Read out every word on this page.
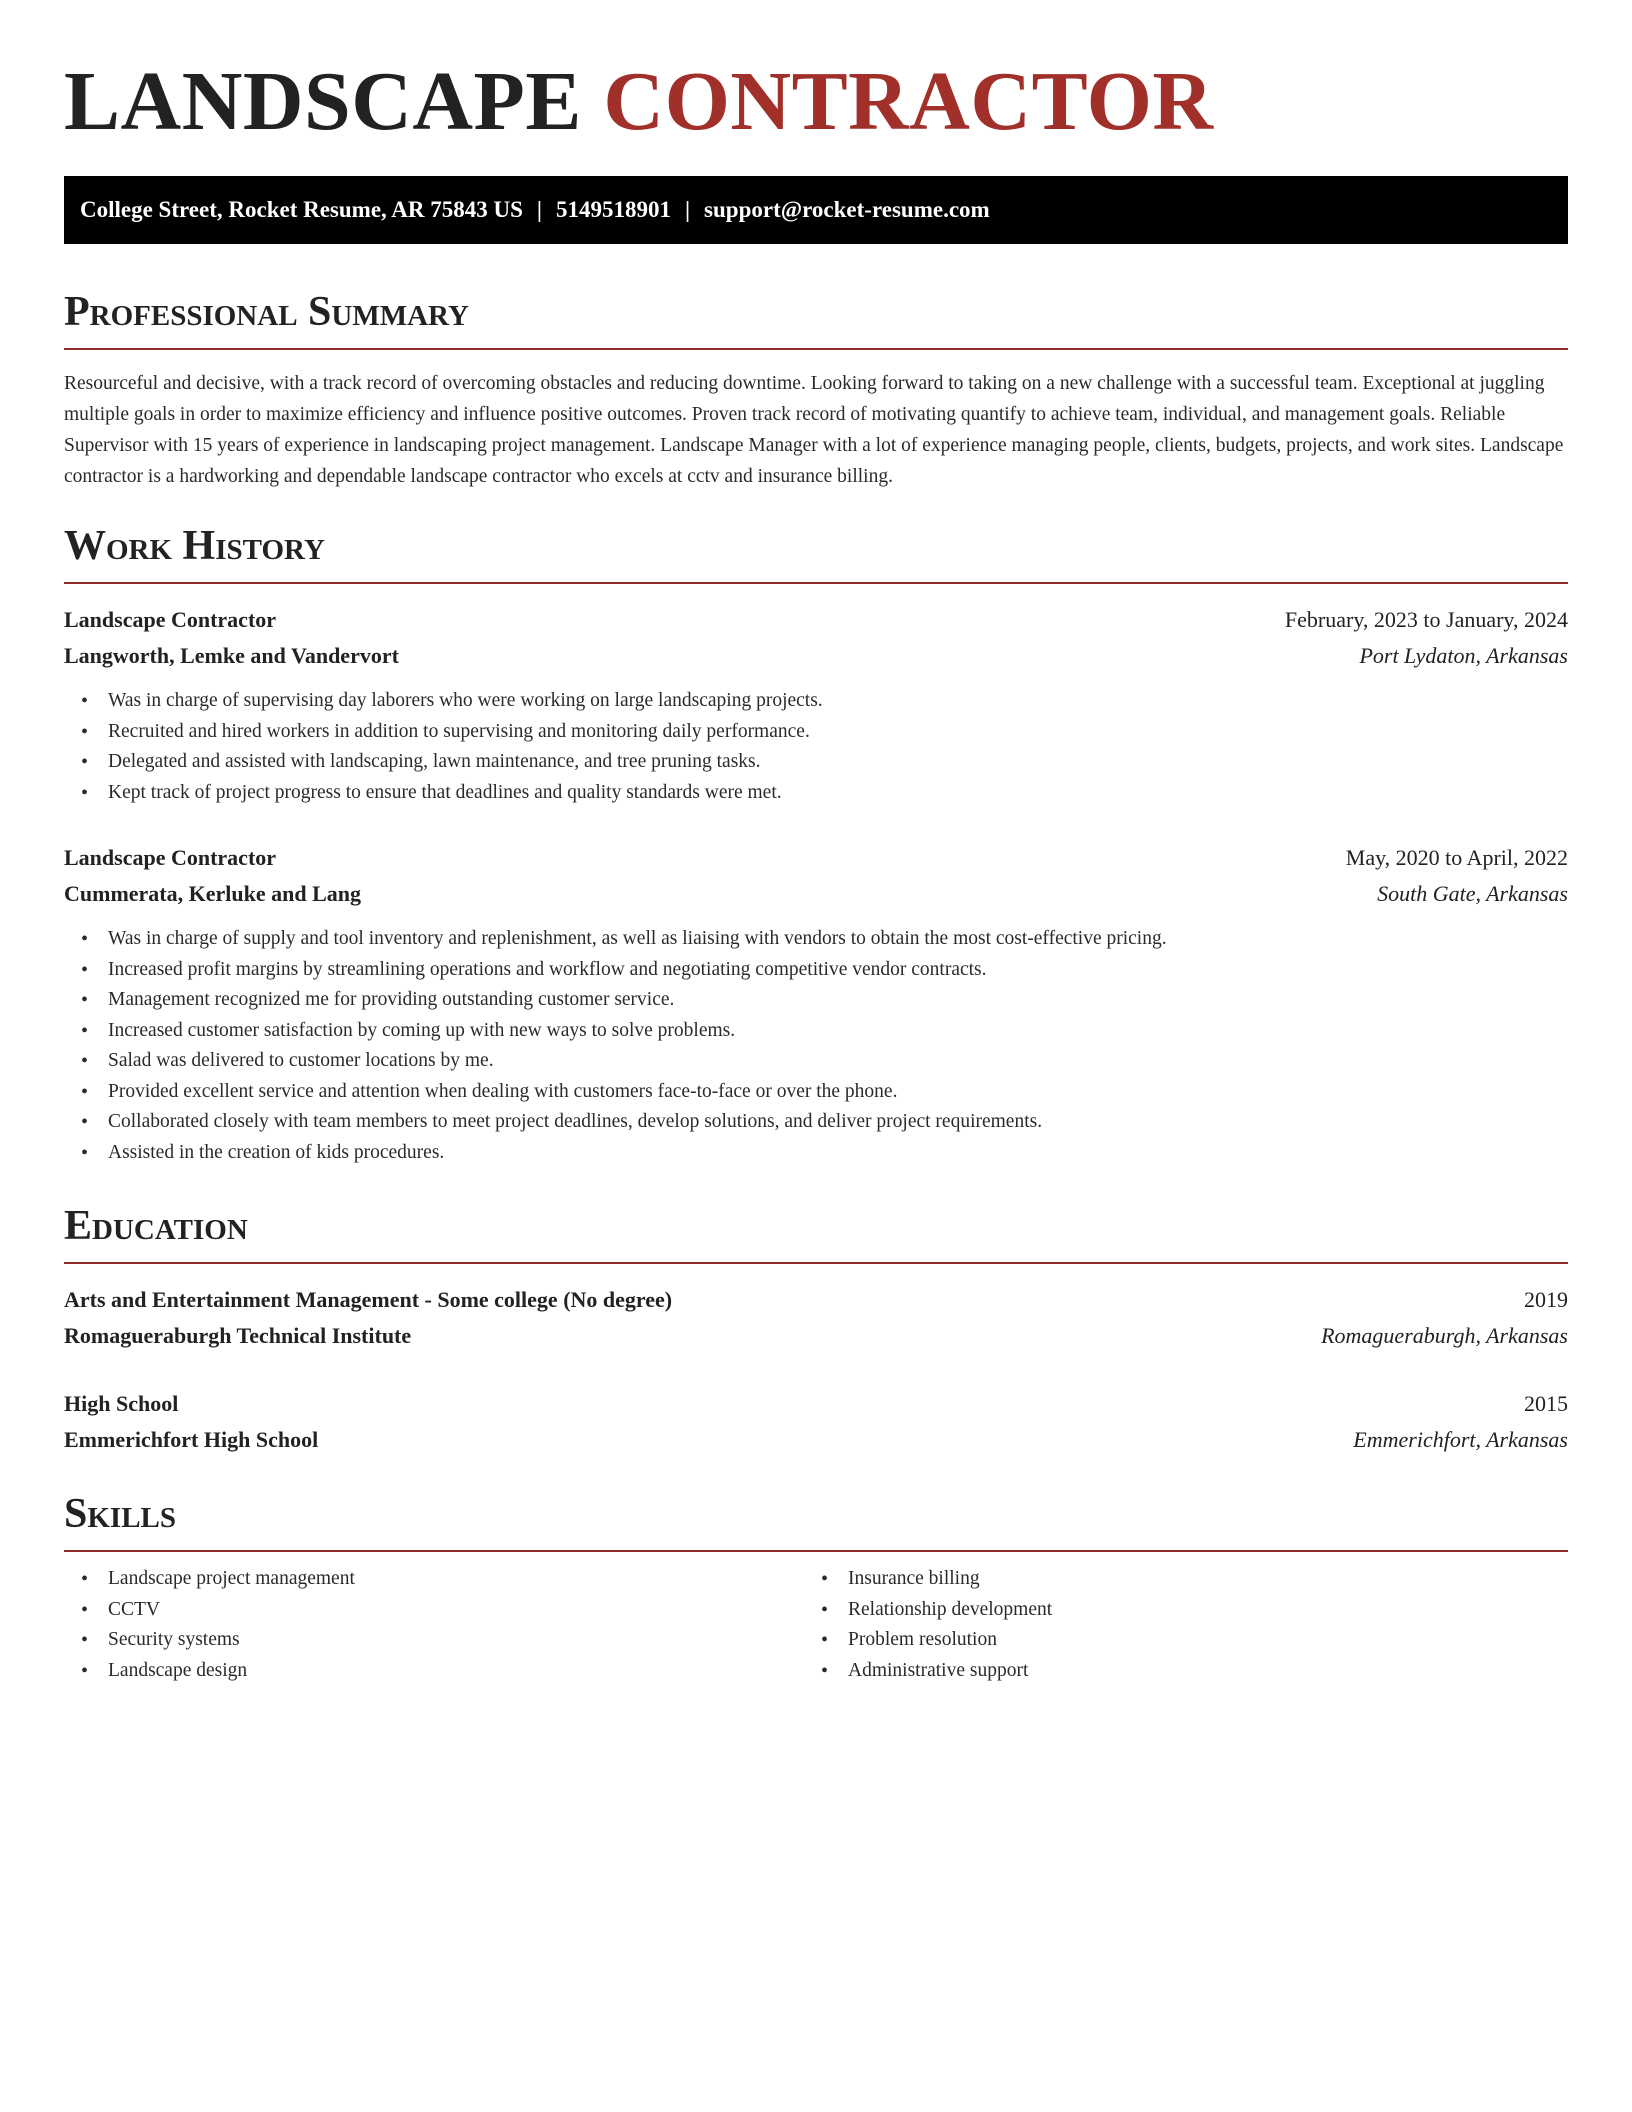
LANDSCAPE CONTRACTOR
College Street, Rocket Resume, AR 75843 US | 5149518901 | support@rocket-resume.com
Professional Summary

Resourceful and decisive, with a track record of overcoming obstacles and reducing downtime. Looking forward to taking on a new challenge with a successful team. Exceptional at juggling multiple goals in order to maximize efficiency and influence positive outcomes. Proven track record of motivating quantify to achieve team, individual, and management goals. Reliable Supervisor with 15 years of experience in landscaping project management. Landscape Manager with a lot of experience managing people, clients, budgets, projects, and work sites. Landscape contractor is a hardworking and dependable landscape contractor who excels at cctv and insurance billing.

Work History
Landscape Contractor	February, 2023 to January, 2024
Langworth, Lemke and Vandervort	Port Lydaton, Arkansas
• Was in charge of supervising day laborers who were working on large landscaping projects.
• Recruited and hired workers in addition to supervising and monitoring daily performance.
• Delegated and assisted with landscaping, lawn maintenance, and tree pruning tasks.
• Kept track of project progress to ensure that deadlines and quality standards were met.
Landscape Contractor	May, 2020 to April, 2022
Cummerata, Kerluke and Lang	South Gate, Arkansas
• Was in charge of supply and tool inventory and replenishment, as well as liaising with vendors to obtain the most cost-effective pricing.
• Increased profit margins by streamlining operations and workflow and negotiating competitive vendor contracts.
• Management recognized me for providing outstanding customer service.
• Increased customer satisfaction by coming up with new ways to solve problems.
• Salad was delivered to customer locations by me.
• Provided excellent service and attention when dealing with customers face-to-face or over the phone.
• Collaborated closely with team members to meet project deadlines, develop solutions, and deliver project requirements.
• Assisted in the creation of kids procedures.
Education
Arts and Entertainment Management - Some college (No degree)	2019
Romagueraburgh Technical Institute	Romagueraburgh, Arkansas
High School	2015
Emmerichfort High School	Emmerichfort, Arkansas
Skills
• Landscape project management
• CCTV
• Security systems
• Landscape design
• Insurance billing
• Relationship development
• Problem resolution
• Administrative support
